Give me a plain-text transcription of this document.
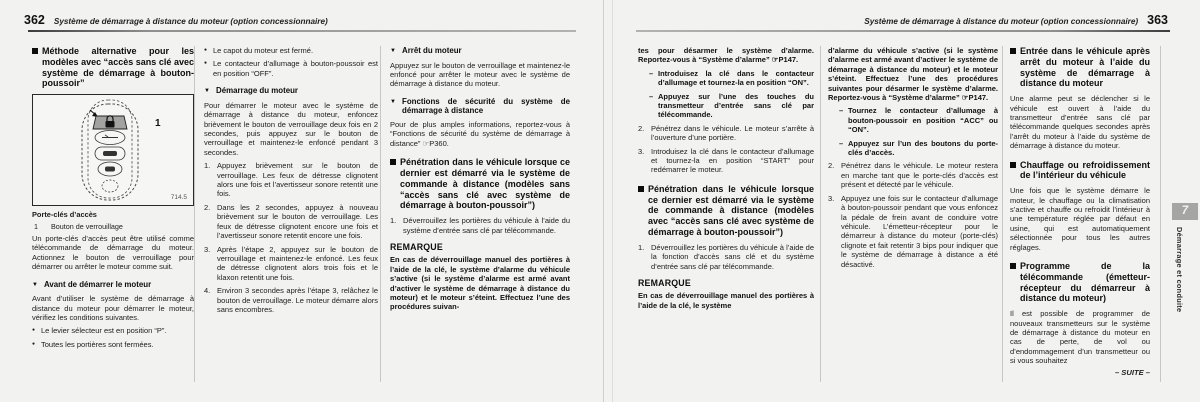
362 Système de démarrage à distance du moteur (option concessionnaire)
Méthode alternative pour les modèles avec “accès sans clé avec système de démarrage à bouton-poussoir”
1
714.5
Porte-clés d’accès
1	Bouton de verrouillage
Un porte-clés d’accès peut être utilisé comme télécommande de démarrage du moteur. Actionnez le bouton de verrouillage pour démarrer ou arrêter le moteur comme suit.
▼ Avant de démarrer le moteur
Avant d’utiliser le système de démarrage à distance du moteur pour démarrer le moteur, vérifiez les conditions suivantes.
● Le levier sélecteur est en position “P”.
● Toutes les portières sont fermées.
● Le capot du moteur est fermé.
● Le contacteur d’allumage à bouton-poussoir est en position “OFF”.
▼ Démarrage du moteur
Pour démarrer le moteur avec le système de démarrage à distance du moteur, enfoncez brièvement le bouton de verrouillage deux fois en 2 secondes, puis appuyez sur le bouton de verrouillage et maintenez-le enfoncé pendant 3 secondes.
1. Appuyez brièvement sur le bouton de verrouillage. Les feux de détresse clignotent alors une fois et l’avertisseur sonore retentit une fois.
2. Dans les 2 secondes, appuyez à nouveau brièvement sur le bouton de verrouillage. Les feux de détresse clignotent encore une fois et l’avertisseur sonore retentit encore une fois.
3. Après l’étape 2, appuyez sur le bouton de verrouillage et maintenez-le enfoncé. Les feux de détresse clignotent alors trois fois et le klaxon retentit une fois.
4. Environ 3 secondes après l’étape 3, relâchez le bouton de verrouillage. Le moteur démarre alors sans encombres.
▼ Arrêt du moteur
Appuyez sur le bouton de verrouillage et maintenez-le enfoncé pour arrêter le moteur avec le système de démarrage à distance du moteur.
▼ Fonctions de sécurité du système de démarrage à distance
Pour de plus amples informations, reportez-vous à “Fonctions de sécurité du système de démarrage à distance” ☞P360.
Pénétration dans le véhicule lorsque ce dernier est démarré via le système de commande à distance (modèles sans “accès sans clé avec système de démarrage à bouton-poussoir”)
1. Déverrouillez les portières du véhicule à l’aide du système d’entrée sans clé par télécommande.
REMARQUE
En cas de déverrouillage manuel des portières à l’aide de la clé, le système d’alarme du véhicule s’active (si le système d’alarme est armé avant d’activer le système de démarrage à distance du moteur) et le moteur s’éteint. Effectuez l’une des procédures suivan-
Système de démarrage à distance du moteur (option concessionnaire) 363
tes pour désarmer le système d’alarme. Reportez-vous à “Système d’alarme” ☞P147.
– Introduisez la clé dans le contacteur d’allumage et tournez-la en position “ON”.
– Appuyez sur l’une des touches du transmetteur d’entrée sans clé par télécommande.
2. Pénétrez dans le véhicule. Le moteur s’arrête à l’ouverture d’une portière.
3. Introduisez la clé dans le contacteur d’allumage et tournez-la en position “START” pour redémarrer le moteur.
Pénétration dans le véhicule lorsque ce dernier est démarré via le système de commande à distance (modèles avec “accès sans clé avec système de démarrage à bouton-poussoir”)
1. Déverrouillez les portières du véhicule à l’aide de la fonction d’accès sans clé et du système d’entrée sans clé par télécommande.
REMARQUE
En cas de déverrouillage manuel des portières à l’aide de la clé, le système
d’alarme du véhicule s’active (si le système d’alarme est armé avant d’activer le système de démarrage à distance du moteur) et le moteur s’éteint. Effectuez l’une des procédures suivantes pour désarmer le système d’alarme. Reportez-vous à “Système d’alarme” ☞P147.
– Tournez le contacteur d’allumage à bouton-poussoir en position “ACC” ou “ON”.
– Appuyez sur l’un des boutons du porte-clés d’accès.
2. Pénétrez dans le véhicule. Le moteur restera en marche tant que le porte-clés d’accès est présent et détecté par le véhicule.
3. Appuyez une fois sur le contacteur d’allumage à bouton-poussoir pendant que vous enfoncez la pédale de frein avant de conduire votre véhicule. L’émetteur-récepteur pour le démarreur à distance du moteur (porte-clés) clignote et fait retentir 3 bips pour indiquer que le système de démarrage à distance a été désactivé.
Entrée dans le véhicule après arrêt du moteur à l’aide du système de démarrage à distance du moteur
Une alarme peut se déclencher si le véhicule est ouvert à l’aide du transmetteur d’entrée sans clé par télécommande quelques secondes après l’arrêt du moteur à l’aide du système de démarrage à distance du moteur.
Chauffage ou refroidissement de l’intérieur du véhicule
Une fois que le système démarre le moteur, le chauffage ou la climatisation s’active et chauffe ou refroidit l’intérieur à une température réglée par défaut en usine, qui est automatiquement sélectionnée pour tous les autres réglages.
Programme de la télécommande (émetteur-récepteur du démarreur à distance du moteur)
Il est possible de programmer de nouveaux transmetteurs sur le système de démarrage à distance du moteur en cas de perte, de vol ou d’endommagement d’un transmetteur ou si vous souhaitez
7
Démarrage et conduite
– SUITE –
